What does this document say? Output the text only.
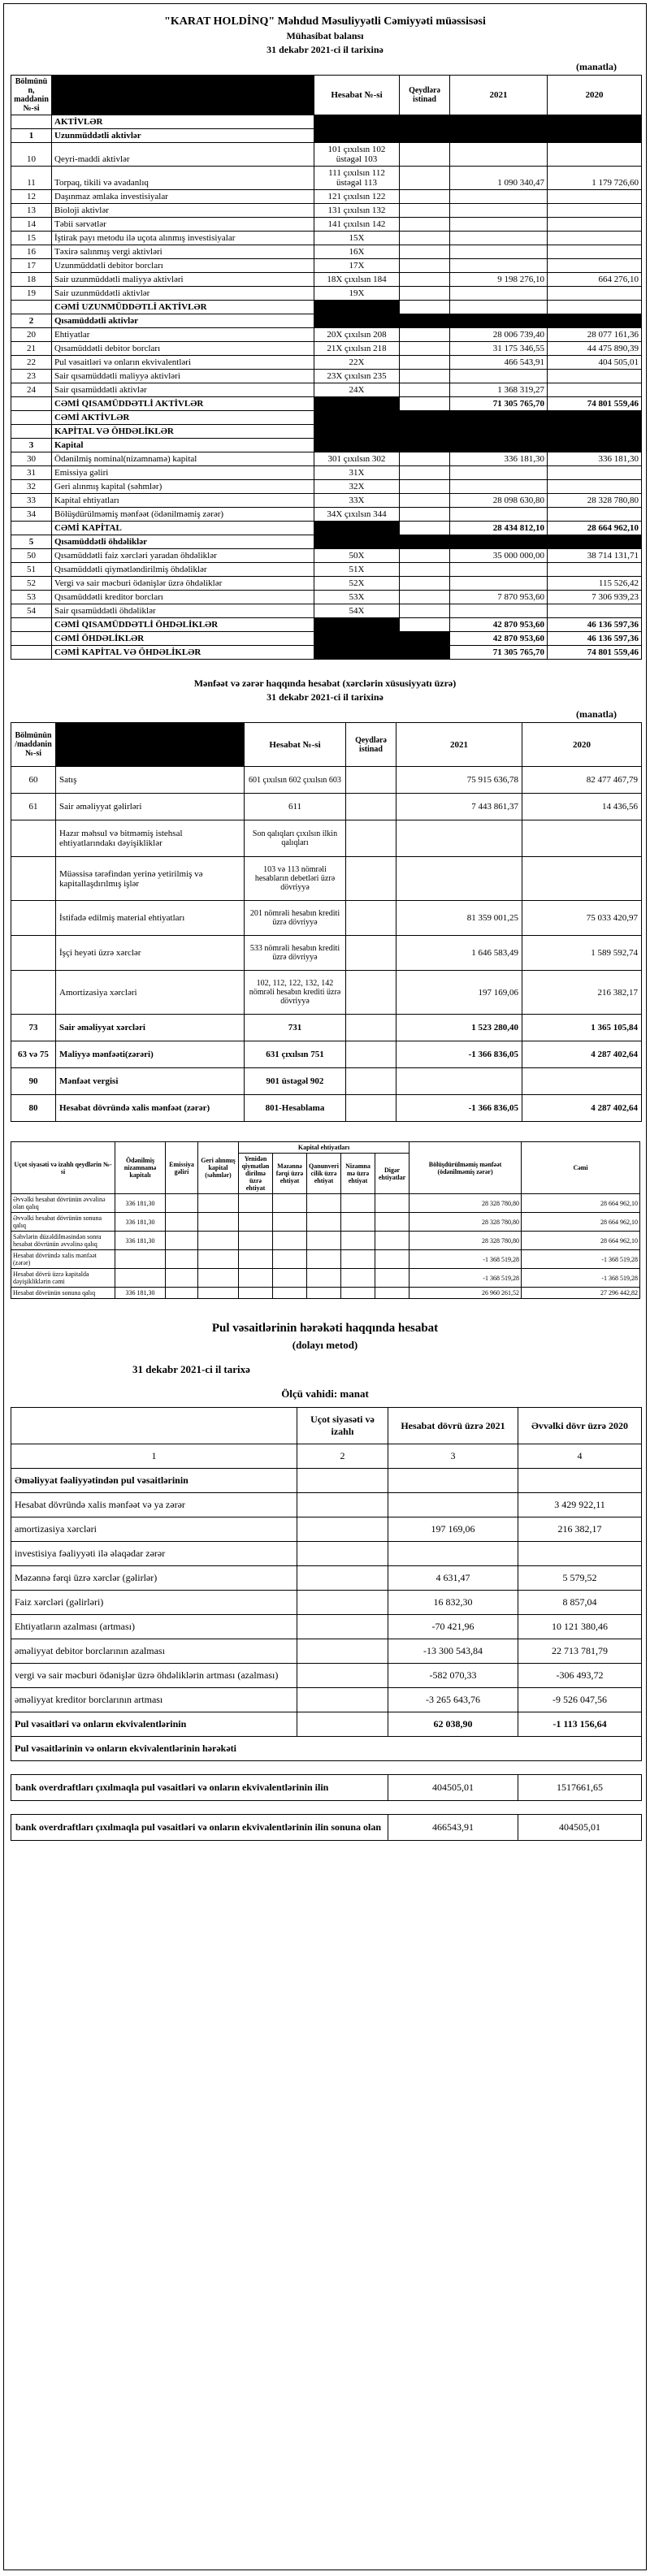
"KARAT HOLDİNQ" Məhdud Məsuliyyətli Cəmiyyəti müəssisəsi
Mühasibat balansı
31 dekabr 2021-ci il tarixinə
(manatla)
Bölmünün, maddənin №-si		Hesabat №-si	Qeydlərə istinad	2021	2020
	AKTİVLƏR				
1	Uzunmüddətli aktivlər				
10	Qeyri-maddi aktivlər	101 çıxılsın 102 üstəgəl 103			
11	Torpaq, tikili və avadanlıq	111 çıxılsın 112 üstəgəl 113		1 090 340,47	1 179 726,60
12	Daşınmaz əmlaka investisiyalar	121 çıxılsın 122			
13	Bioloji aktivlər	131 çıxılsın 132			
14	Təbii sərvətlər	141 çıxılsın 142			
15	İştirak payı metodu ilə uçota alınmış investisiyalar	15X			
16	Təxirə salınmış vergi aktivləri	16X			
17	Uzunmüddətli debitor borcları	17X			
18	Sair uzunmüddətli maliyyə aktivləri	18X çıxılsın 184		9 198 276,10	664 276,10
19	Sair uzunmüddətli aktivlər	19X			
	CƏMİ UZUNMÜDDƏTLİ AKTİVLƏR				
2	Qısamüddətli aktivlər				
20	Ehtiyatlar	20X çıxılsın 208		28 006 739,40	28 077 161,36
21	Qısamüddətli debitor borcları	21X çıxılsın 218		31 175 346,55	44 475 890,39
22	Pul vəsaitləri və onların ekvivalentləri	22X		466 543,91	404 505,01
23	Sair qısamüddətli maliyyə aktivləri	23X çıxılsın 235			
24	Sair qısamüddətli aktivlər	24X		1 368 319,27	
	CƏMİ QISAMÜDDƏTLİ AKTİVLƏR			71 305 765,70	74 801 559,46
	CƏMİ AKTİVLƏR				
	KAPİTAL VƏ ÖHDƏLİKLƏR				
3	Kapital				
30	Ödənilmiş nominal(nizamnamə) kapital	301 çıxılsın 302		336 181,30	336 181,30
31	Emissiya gəliri	31X			
32	Geri alınmış kapital (səhmlər)	32X			
33	Kapital ehtiyatları	33X		28 098 630,80	28 328 780,80
34	Bölüşdürülməmiş mənfəət (ödənilməmiş zərər)	34X çıxılsın 344			
	CƏMİ KAPİTAL			28 434 812,10	28 664 962,10
5	Qısamüddətli öhdəliklər				
50	Qısamüddətli faiz xərcləri yaradan öhdəliklər	50X		35 000 000,00	38 714 131,71
51	Qısamüddətli qiymətləndirilmiş öhdəliklər	51X			
52	Vergi və sair məcburi ödənişlər üzrə öhdəliklər	52X			115 526,42
53	Qısamüddətli kreditor borcları	53X		7 870 953,60	7 306 939,23
54	Sair qısamüddətli öhdəliklər	54X			
	CƏMİ QISAMÜDDƏTLİ ÖHDƏLİKLƏR			42 870 953,60	46 136 597,36
	CƏMİ ÖHDƏLİKLƏR			42 870 953,60	46 136 597,36
	CƏMİ KAPİTAL VƏ ÖHDƏLİKLƏR			71 305 765,70	74 801 559,46
Mənfəət və zərər haqqında hesabat (xərclərin xüsusiyyatı üzrə)
31 dekabr 2021-ci il tarixinə
(manatla)
Bölmünün/maddənin №-si		Hesabat №-si	Qeydlərə istinad	2021	2020
60	Satış	601 çıxılsın 602 çıxılsın 603		75 915 636,78	82 477 467,79
61	Sair əməliyyat gəlirləri	611		7 443 861,37	14 436,56
	Hazır məhsul və bitməmiş istehsal ehtiyatlarındakı dəyişikliklər	Son qalıqları çıxılsın ilkin qalıqları			
	Müəssisə tərəfindən yerinə yetirilmiş və kapitallaşdırılmış işlər	103 və 113 nömrəli hesabların debetləri üzrə dövriyyə			
	İstifadə edilmiş material ehtiyatları	201 nömrəli hesabın krediti üzrə dövriyyə		81 359 001,25	75 033 420,97
	İşçi heyəti üzrə xərclər	533 nömrəli hesabın krediti üzrə dövriyyə		1 646 583,49	1 589 592,74
	Amortizasiya xərcləri	102, 112, 122, 132, 142 nömrəli hesabın krediti üzrə dövriyyə		197 169,06	216 382,17
73	Sair əməliyyat xərcləri	731		1 523 280,40	1 365 105,84
63 və 75	Maliyyə mənfəəti(zərəri)	631 çıxılsın 751		-1 366 836,05	4 287 402,64
90	Mənfəət vergisi	901 üstəgəl 902			
80	Hesabat dövründə xalis mənfəət (zərər)	801-Hesablama		-1 366 836,05	4 287 402,64
Uçot siyasəti və izahlı qeydlərin №-si	Ödənilmiş nizamnamə kapitalı	Emissiya gəliri	Geri alınmış kapital (səhmlər)	Kapital ehtiyatları					Bölüşdürülməmiş mənfəət (ödənilməmiş zərər)	Cəmi
				Yenidən qiymətləndirilmə üzrə ehtiyat	Məzənnə fərqi üzrə ehtiyat	Qanunvericilik üzrə ehtiyat	Nizamnamə üzrə ehtiyat	Digər ehtiyatlar		
Əvvəlki hesabat dövrünün əvvəlinə olan qalıq	336 181,30								28 328 780,80	28 664 962,10
Əvvəlki hesabat dövrünün sonuna qalıq	336 181,30								28 328 780,80	28 664 962,10
Səhvlərin düzəldilməsindən sonra hesabat dövrünün əvvəlinə qalıq	336 181,30								28 328 780,80	28 664 962,10
Hesabat dövründə xalis mənfəət (zərər)									-1 368 519,28	-1 368 519,28
Hesabat dövrü üzrə kapitalda dəyişikliklərin cəmi									-1 368 519,28	-1 368 519,28
Hesabat dövrünün sonuna qalıq	336 181,30								26 960 261,52	27 296 442,82
Pul vəsaitlərinin hərəkəti haqqında hesabat
(dolayı metod)
31 dekabr 2021-ci il tarixə
Ölçü vahidi: manat
	Uçot siyasəti və izahlı	Hesabat dövrü üzrə 2021	Əvvəlki dövr üzrə 2020
1	2	3	4
Əməliyyat fəaliyyətindən pul vəsaitlərinin			
Hesabat dövründə xalis mənfəət və ya zərər			3 429 922,11
amortizasiya xərcləri		197 169,06	216 382,17
investisiya fəaliyyəti ilə əlaqədar zərər			
Məzənnə fərqi üzrə xərclər (gəlirlər)		4 631,47	5 579,52
Faiz xərcləri (gəlirləri)		16 832,30	8 857,04
Ehtiyatların azalması (artması)		-70 421,96	10 121 380,46
əməliyyat debitor borclarının azalması		-13 300 543,84	22 713 781,79
vergi və sair məcburi ödənişlər üzrə öhdəliklərin artması (azalması)		-582 070,33	-306 493,72
əməliyyat kreditor borclarının artması		-3 265 643,76	-9 526 047,56
Pul vəsaitləri və onların ekvivalentlərinin		62 038,90	-1 113 156,64
Pul vəsaitlərinin və onların ekvivalentlərinin hərəkəti			
bank overdraftları çıxılmaqla pul vəsaitləri və onların ekvivalentlərinin ilin	404505,01	1517661,65
bank overdraftları çıxılmaqla pul vəsaitləri və onların ekvivalentlərinin ilin sonuna olan	466543,91	404505,01
